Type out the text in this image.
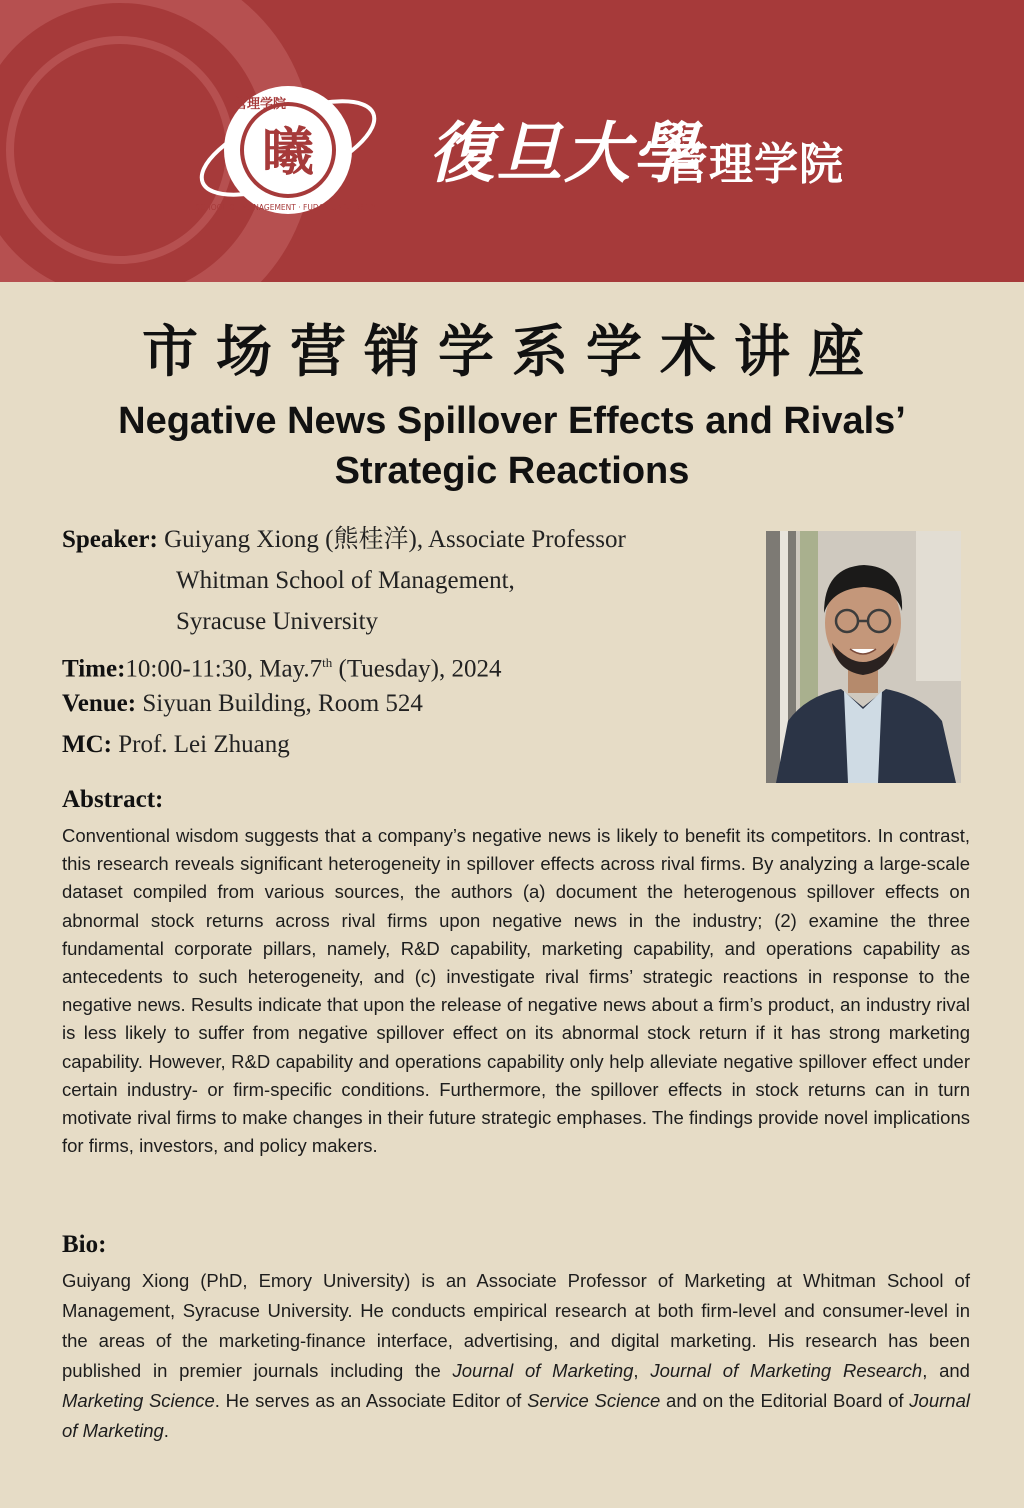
曦
管理学院
SCHOOL OF MANAGEMENT · FUDAN UNIVERSITY ·
復旦大學
管理学院
市场营销学系学术讲座
Negative News Spillover Effects and Rivals’ Strategic Reactions
Speaker: Guiyang Xiong (熊桂洋), Associate Professor
Whitman School of Management,
Syracuse University
Time:10:00-11:30, May.7th (Tuesday), 2024
Venue: Siyuan Building, Room 524
MC: Prof. Lei Zhuang
Abstract:
Conventional wisdom suggests that a company’s negative news is likely to benefit its competitors. In contrast, this research reveals significant heterogeneity in spillover effects across rival firms. By analyzing a large-scale dataset compiled from various sources, the authors (a) document the heterogenous spillover effects on abnormal stock returns across rival firms upon negative news in the industry; (2) examine the three fundamental corporate pillars, namely, R&D capability, marketing capability, and operations capability as antecedents to such heterogeneity, and (c) investigate rival firms’ strategic reactions in response to the negative news. Results indicate that upon the release of negative news about a firm’s product, an industry rival is less likely to suffer from negative spillover effect on its abnormal stock return if it has strong marketing capability. However, R&D capability and operations capability only help alleviate negative spillover effect under certain industry- or firm-specific conditions. Furthermore, the spillover effects in stock returns can in turn motivate rival firms to make changes in their future strategic emphases. The findings provide novel implications for firms, investors, and policy makers.
Bio:
Guiyang Xiong (PhD, Emory University) is an Associate Professor of Marketing at Whitman School of Management, Syracuse University. He conducts empirical research at both firm-level and consumer-level in the areas of the marketing-finance interface, advertising, and digital marketing. His research has been published in premier journals including the Journal of Marketing, Journal of Marketing Research, and Marketing Science. He serves as an Associate Editor of Service Science and on the Editorial Board of Journal of Marketing.
